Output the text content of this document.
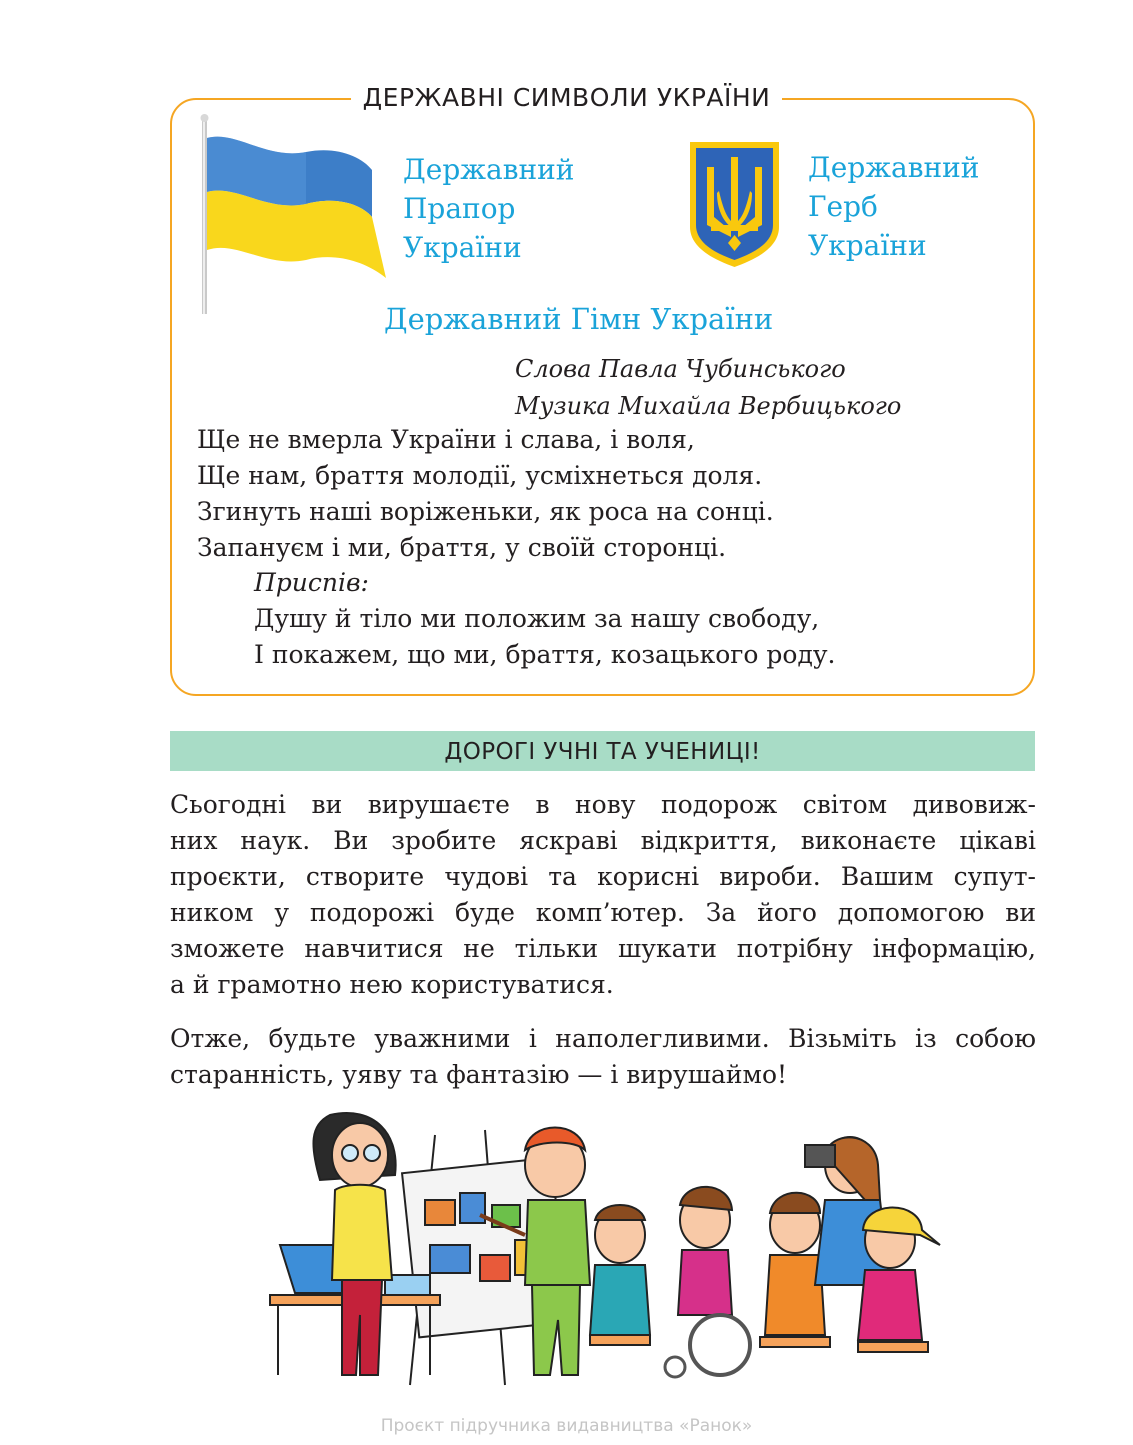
ДЕРЖАВНІ СИМВОЛИ УКРАЇНИ
Державний
Прапор
України
Державний
Герб
України
Державний Гімн України
Слова Павла Чубинського
Музика Михайла Вербицького
Ще не вмерла України і слава, і воля,
Ще нам, браття молодії, усміхнеться доля.
Згинуть наші воріженьки, як роса на сонці.
Запануєм і ми, браття, у своїй сторонці.
Приспів:
Душу й тіло ми положим за нашу свободу,
І покажем, що ми, браття, козацького роду.
ДОРОГІ УЧНІ ТА УЧЕНИЦІ!
Сьогодні ви вирушаєте в нову подорож світом дивовиж-
них наук. Ви зробите яскраві відкриття, виконаєте цікаві
проєкти, створите чудові та корисні вироби. Вашим супут-
ником у подорожі буде комп’ютер. За його допомогою ви
зможете навчитися не тільки шукати потрібну інформацію,
а й грамотно нею користуватися.
Отже, будьте уважними і наполегливими. Візьміть із собою
старанність, уяву та фантазію — і вирушаймо!
Проєкт підручника видавництва «Ранок»
